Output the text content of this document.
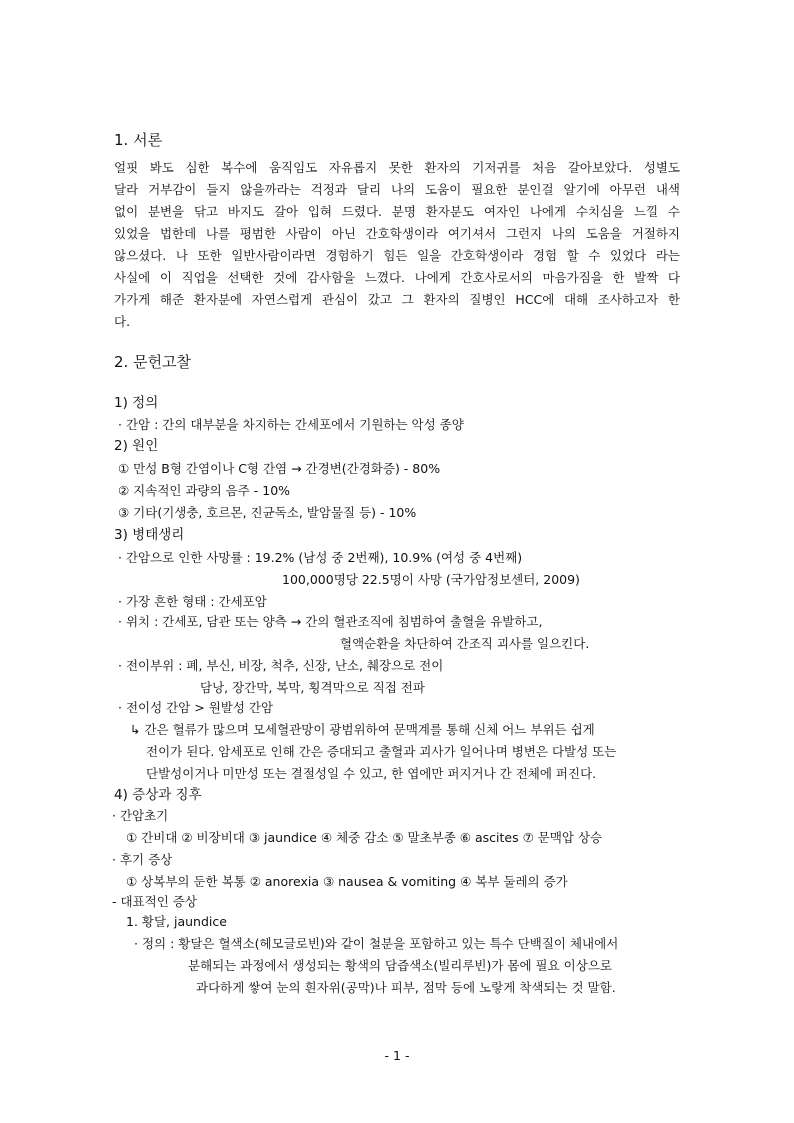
1. 서론
얼핏 봐도 심한 복수에 움직임도 자유롭지 못한 환자의 기저귀를 처음 갈아보았다. 성별도
달라 거부감이 들지 않을까라는 걱정과 달리 나의 도움이 필요한 분인걸 알기에 아무런 내색
없이 분변을 닦고 바지도 갈아 입혀 드렸다. 분명 환자분도 여자인 나에게 수치심을 느낄 수
있었을 법한데 나를 평범한 사람이 아닌 간호학생이라 여기셔서 그런지 나의 도움을 거절하지
않으셨다. 나 또한 일반사람이라면 경험하기 힘든 일을 간호학생이라 경험 할 수 있었다 라는
사실에 이 직업을 선택한 것에 감사함을 느꼈다. 나에게 간호사로서의 마음가짐을 한 발짝 다
가가게 해준 환자분에 자연스럽게 관심이 갔고 그 환자의 질병인 HCC에 대해 조사하고자 한
다.
2. 문헌고찰
1) 정의
· 간암 : 간의 대부분을 차지하는 간세포에서 기원하는 악성 종양
2) 원인
① 만성 B형 간염이나 C형 간염 → 간경변(간경화증) - 80%
② 지속적인 과량의 음주 - 10%
③ 기타(기생충, 호르몬, 진균독소, 발암물질 등) - 10%
3) 병태생리
· 간암으로 인한 사망률 : 19.2% (남성 중 2번째), 10.9% (여성 중 4번째)
100,000명당 22.5명이 사망 (국가암정보센터, 2009)
· 가장 흔한 형태 : 간세포암
· 위치 : 간세포, 담관 또는 양측 → 간의 혈관조직에 침범하여 출혈을 유발하고,
혈액순환을 차단하여 간조직 괴사를 일으킨다.
· 전이부위 : 폐, 부신, 비장, 척추, 신장, 난소, 췌장으로 전이
담낭, 장간막, 복막, 횡격막으로 직접 전파
· 전이성 간암 > 원발성 간암
↳ 간은 혈류가 많으며 모세혈관망이 광범위하여 문맥계를 통해 신체 어느 부위든 쉽게
전이가 된다. 암세포로 인해 간은 증대되고 출혈과 괴사가 일어나며 병변은 다발성 또는
단발성이거나 미만성 또는 결절성일 수 있고, 한 엽에만 퍼지거나 간 전체에 퍼진다.
4) 증상과 징후
· 간암초기
① 간비대 ② 비장비대 ③ jaundice ④ 체중 감소 ⑤ 말초부종 ⑥ ascites ⑦ 문맥압 상승
· 후기 증상
① 상복부의 둔한 복통 ② anorexia ③ nausea & vomiting ④ 복부 둘레의 증가
- 대표적인 증상
1. 황달, jaundice
· 정의 : 황달은 혈색소(헤모글로빈)와 같이 철분을 포함하고 있는 특수 단백질이 체내에서
분해되는 과정에서 생성되는 황색의 담즙색소(빌리루빈)가 몸에 필요 이상으로
과다하게 쌓여 눈의 흰자위(공막)나 피부, 점막 등에 노랗게 착색되는 것 말함.
- 1 -
